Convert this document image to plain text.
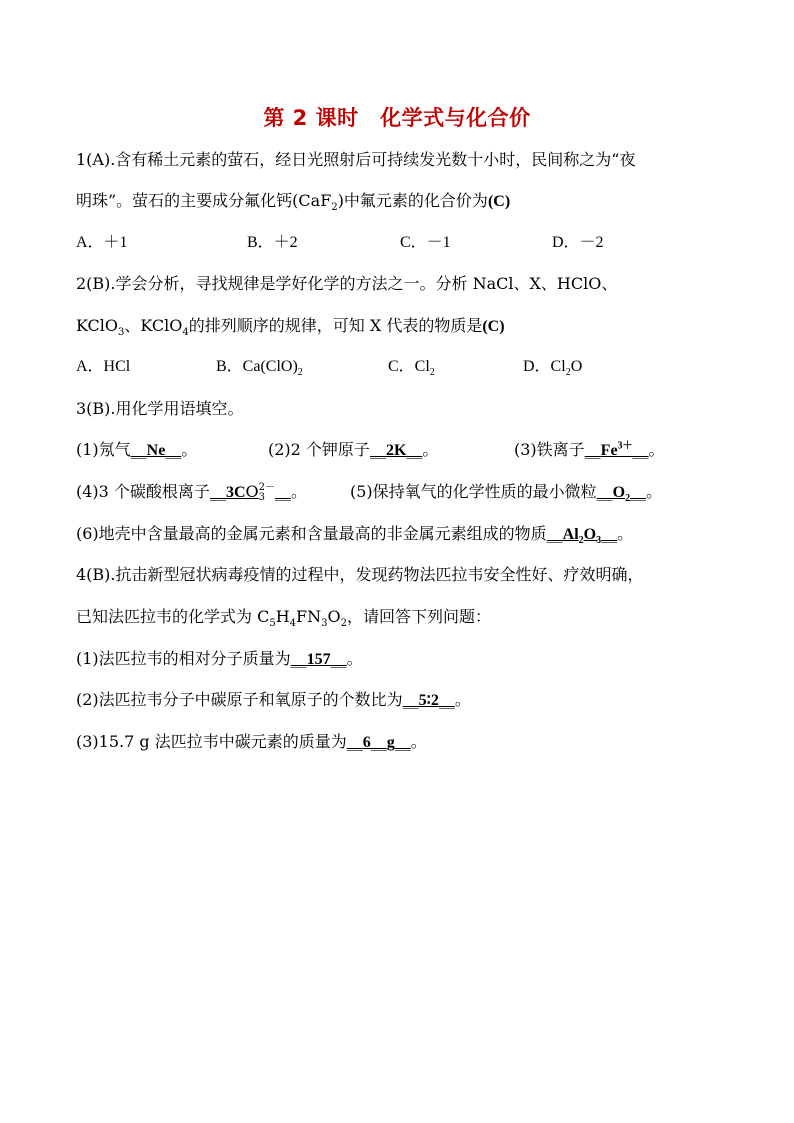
第 2 课时　化学式与化合价
1(A).含有稀土元素的萤石，经日光照射后可持续发光数十小时，民间称之为“夜
明珠”。萤石的主要成分氟化钙(CaF$_2$)中氟元素的化合价为(C)
A．＋1	B．＋2	C．－1	D．－2
2(B).学会分析，寻找规律是学好化学的方法之一。分析 NaCl、X、HClO、
KClO$_3$、KClO$_4$的排列顺序的规律，可知 X 代表的物质是(C)
A．HCl	B．$Ca(ClO)_2$	C．$Cl_2$	D．$Cl_2O$
3(B).用化学用语填空。
(1)氖气__Ne__。	(2)2 个钾原子__2K__。	(3)铁离子$\_\_Fe^{3+}\_\_$。
(4)3 个碳酸根离子__3CO 2－
3 __。	(5)保持氧气的化学性质的最小微粒$\_\_O_2\_\_$。
(6)地壳中含量最高的金属元素和含量最高的非金属元素组成的物质$\_\_Al_2O_3\_\_$。
4(B).抗击新型冠状病毒疫情的过程中，发现药物法匹拉韦安全性好、疗效明确，
已知法匹拉韦的化学式为 $C_5H_4FN_3O_2$，请回答下列问题：
(1)法匹拉韦的相对分子质量为__157__。
(2)法匹拉韦分子中碳原子和氧原子的个数比为__5∶2__。
(3)15.7 g 法匹拉韦中碳元素的质量为__6__g__。
